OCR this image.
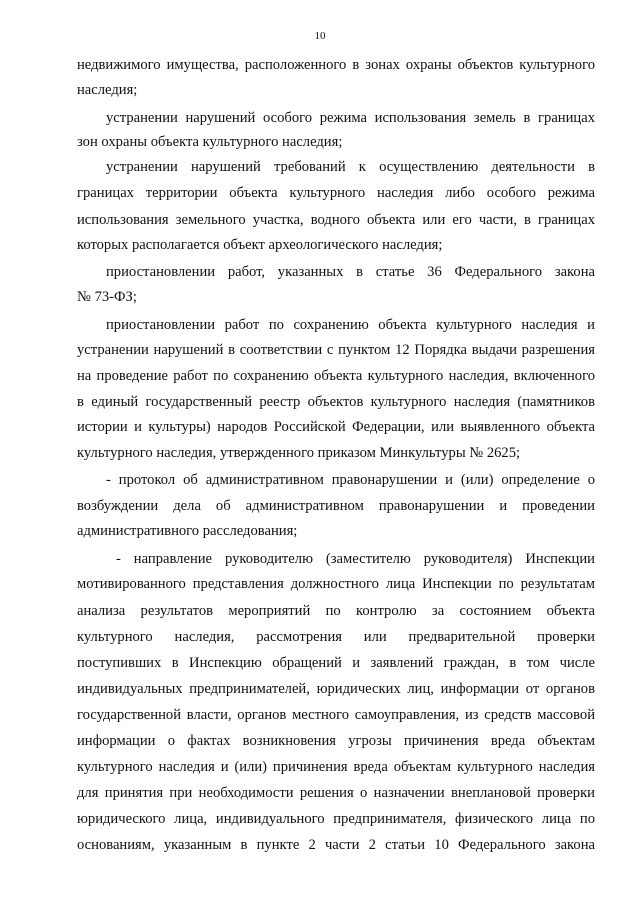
10
недвижимого имущества, расположенного в зонах охраны объектов культурного
наследия;
устранении нарушений особого режима использования земель в границах
зон охраны объекта культурного наследия;
устранении нарушений требований к осуществлению деятельности в
границах территории объекта культурного наследия либо особого режима
использования земельного участка, водного объекта или его части, в границах
которых располагается объект археологического наследия;
приостановлении работ, указанных в статье 36 Федерального закона
№ 73-ФЗ;
приостановлении работ по сохранению объекта культурного наследия и
устранении нарушений в соответствии с пунктом 12 Порядка выдачи разрешения
на проведение работ по сохранению объекта культурного наследия, включенного
в единый государственный реестр объектов культурного наследия (памятников
истории и культуры) народов Российской Федерации, или выявленного объекта
культурного наследия, утвержденного приказом Минкультуры № 2625;
- протокол об административном правонарушении и (или) определение о
возбуждении дела об административном правонарушении и проведении
административного расследования;
- направление руководителю (заместителю руководителя) Инспекции
мотивированного представления должностного лица Инспекции по результатам
анализа результатов мероприятий по контролю за состоянием объекта
культурного наследия, рассмотрения или предварительной проверки
поступивших в Инспекцию обращений и заявлений граждан, в том числе
индивидуальных предпринимателей, юридических лиц, информации от органов
государственной власти, органов местного самоуправления, из средств массовой
информации о фактах возникновения угрозы причинения вреда объектам
культурного наследия и (или) причинения вреда объектам культурного наследия
для принятия при необходимости решения о назначении внеплановой проверки
юридического лица, индивидуального предпринимателя, физического лица по
основаниям, указанным в пункте 2 части 2 статьи 10 Федерального закона
